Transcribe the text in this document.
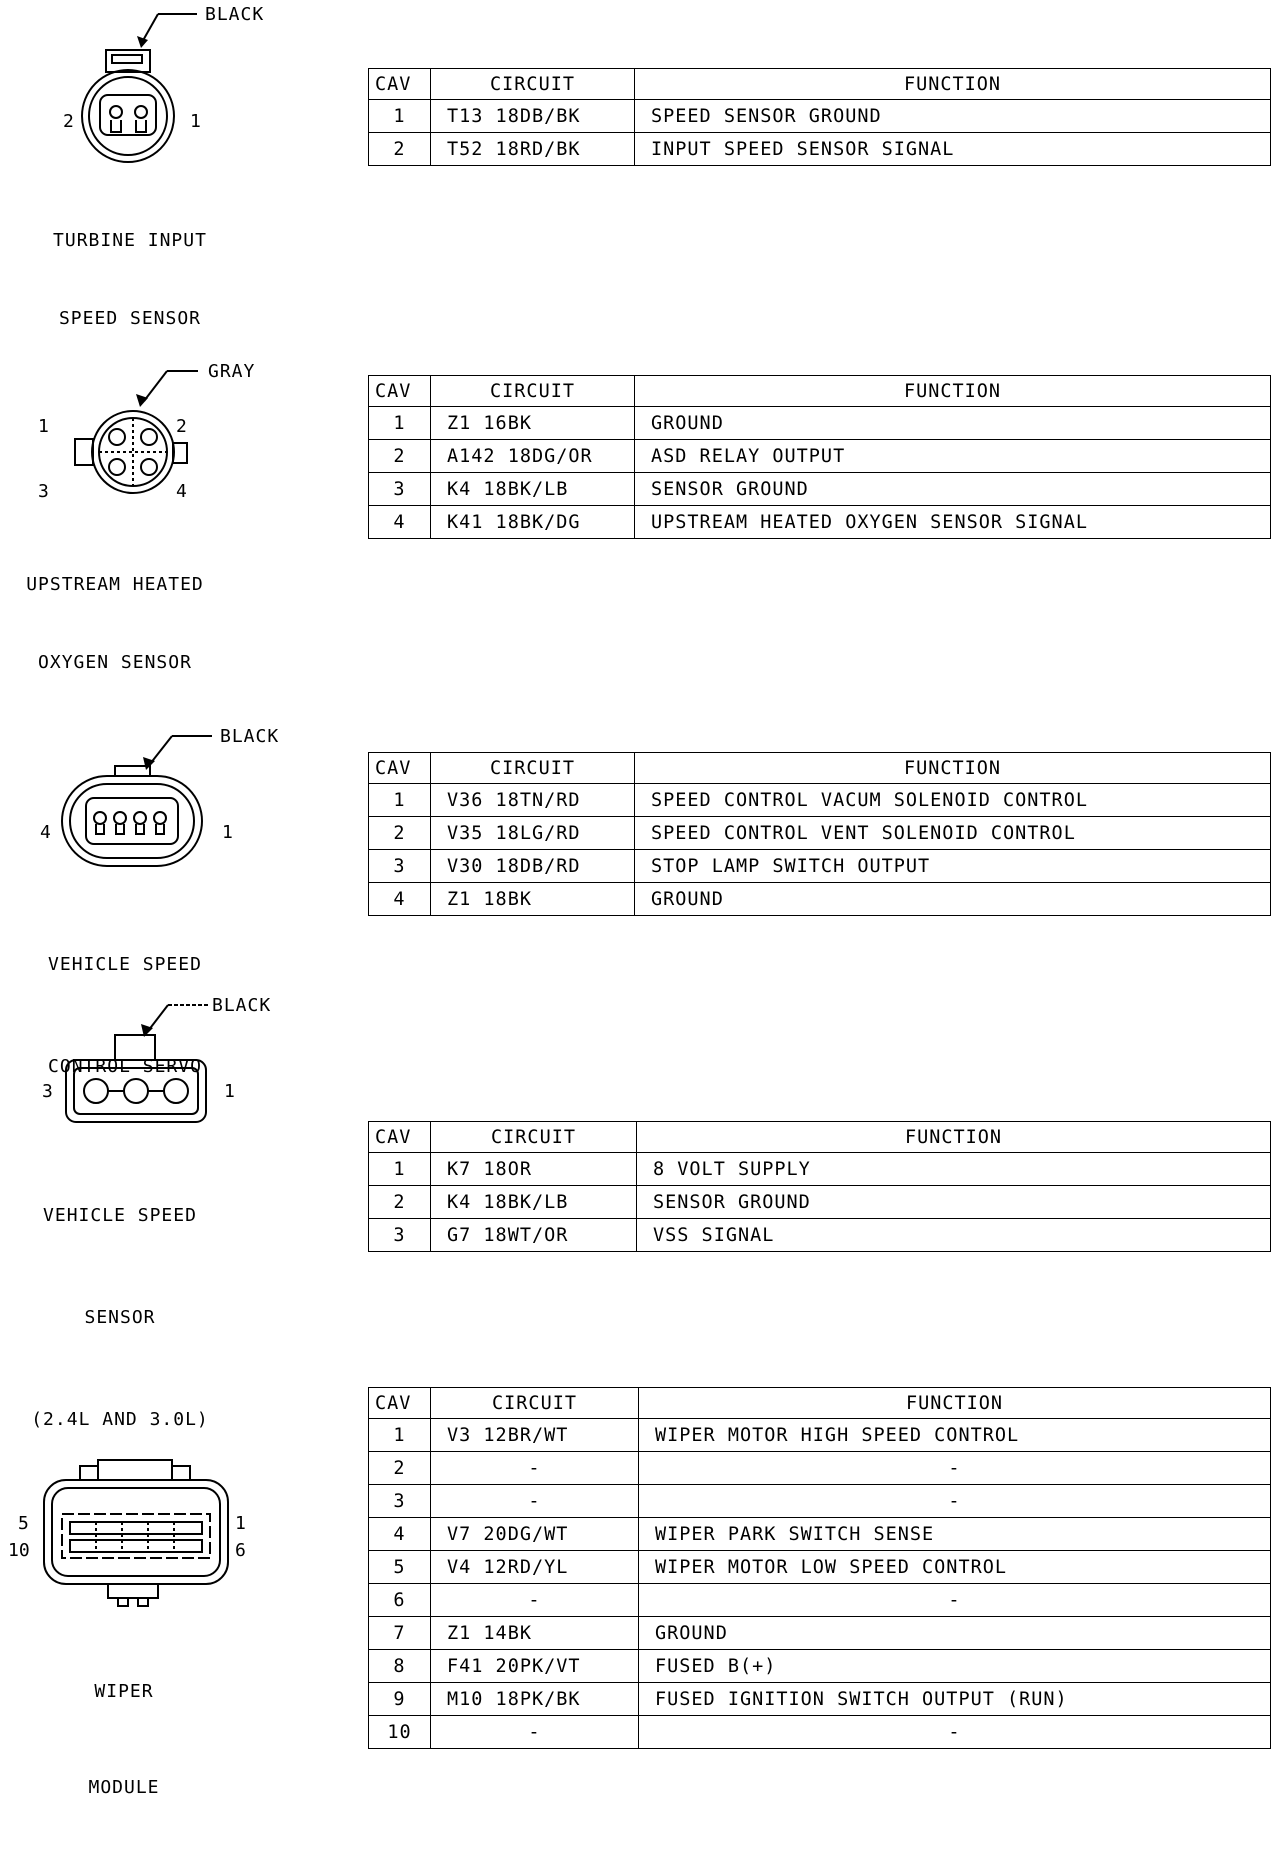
BLACK
2	1

TURBINE INPUT

SPEED SENSOR

CAV	CIRCUIT	FUNCTION
1	T13 18DB/BK	SPEED SENSOR GROUND
2	T52 18RD/BK	INPUT SPEED SENSOR SIGNAL
GRAY
1	2
3	4

UPSTREAM HEATED

OXYGEN SENSOR

CAV	CIRCUIT	FUNCTION
1	Z1 16BK	GROUND
2	A142 18DG/OR	ASD RELAY OUTPUT
3	K4 18BK/LB	SENSOR GROUND
4	K41 18BK/DG	UPSTREAM HEATED OXYGEN SENSOR SIGNAL
BLACK
4	1

VEHICLE SPEED

CONTROL SERVO

CAV	CIRCUIT	FUNCTION
1	V36 18TN/RD	SPEED CONTROL VACUM SOLENOID CONTROL
2	V35 18LG/RD	SPEED CONTROL VENT SOLENOID CONTROL
3	V30 18DB/RD	STOP LAMP SWITCH OUTPUT
4	Z1 18BK	GROUND
BLACK
3	1

VEHICLE SPEED

SENSOR

(2.4L AND 3.0L)

CAV	CIRCUIT	FUNCTION
1	K7 18OR	8 VOLT SUPPLY
2	K4 18BK/LB	SENSOR GROUND
3	G7 18WT/OR	VSS SIGNAL
5	1
10	6

WIPER

MODULE

CAV	CIRCUIT	FUNCTION
1	V3 12BR/WT	WIPER MOTOR HIGH SPEED CONTROL
2	-	-
3	-	-
4	V7 20DG/WT	WIPER PARK SWITCH SENSE
5	V4 12RD/YL	WIPER MOTOR LOW SPEED CONTROL
6	-	-
7	Z1 14BK	GROUND
8	F41 20PK/VT	FUSED B(+)
9	M10 18PK/BK	FUSED IGNITION SWITCH OUTPUT (RUN)
10	-	-
